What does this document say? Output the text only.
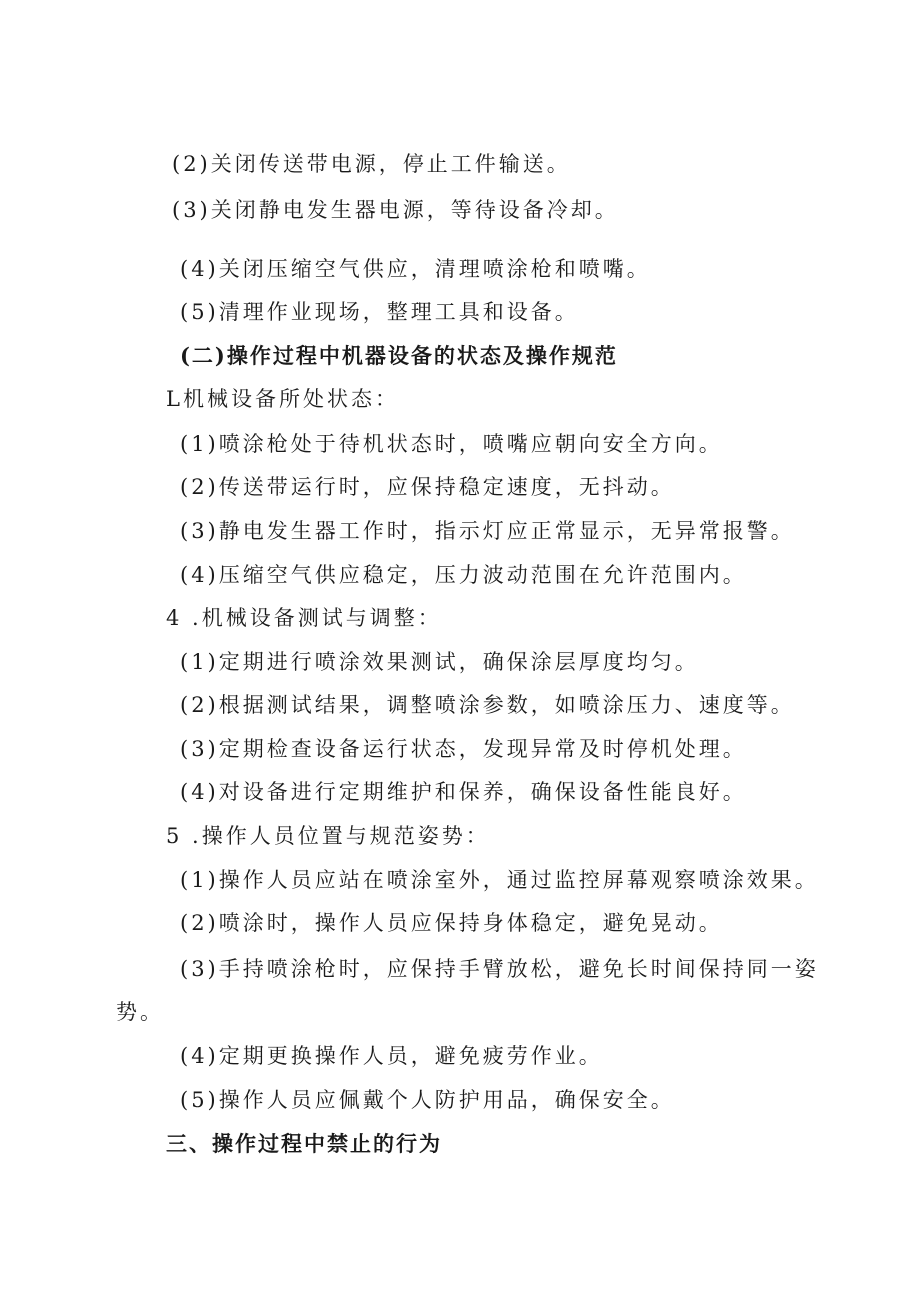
(2)关闭传送带电源，停止工件输送。
(3)关闭静电发生器电源，等待设备冷却。
(4)关闭压缩空气供应，清理喷涂枪和喷嘴。
(5)清理作业现场，整理工具和设备。
(二)操作过程中机器设备的状态及操作规范
L机械设备所处状态：
(1)喷涂枪处于待机状态时，喷嘴应朝向安全方向。
(2)传送带运行时，应保持稳定速度，无抖动。
(3)静电发生器工作时，指示灯应正常显示，无异常报警。
(4)压缩空气供应稳定，压力波动范围在允许范围内。
4 .机械设备测试与调整：
(1)定期进行喷涂效果测试，确保涂层厚度均匀。
(2)根据测试结果，调整喷涂参数，如喷涂压力、速度等。
(3)定期检查设备运行状态，发现异常及时停机处理。
(4)对设备进行定期维护和保养，确保设备性能良好。
5 .操作人员位置与规范姿势：
(1)操作人员应站在喷涂室外，通过监控屏幕观察喷涂效果。
(2)喷涂时，操作人员应保持身体稳定，避免晃动。
(3)手持喷涂枪时，应保持手臂放松，避免长时间保持同一姿
势。
(4)定期更换操作人员，避免疲劳作业。
(5)操作人员应佩戴个人防护用品，确保安全。
三、操作过程中禁止的行为
